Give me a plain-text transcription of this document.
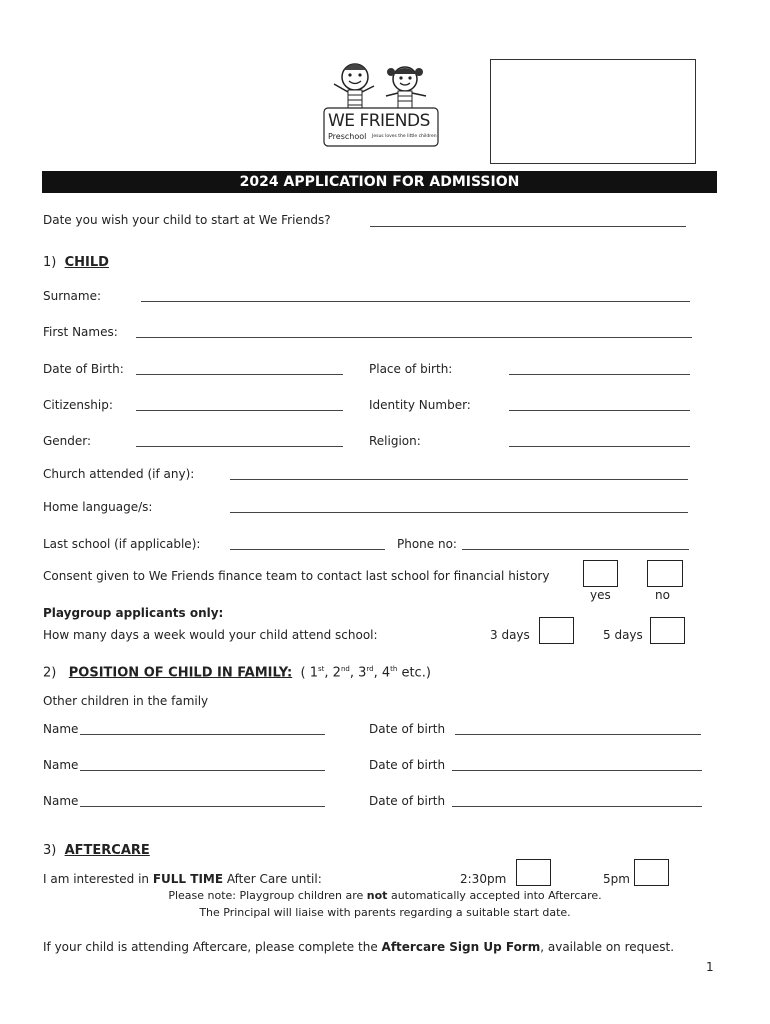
WE FRIENDS
Preschool Jesus loves the little children
2024 APPLICATION FOR ADMISSION
Date you wish your child to start at We Friends?
1) CHILD
Surname:
First Names:
Date of Birth:	Place of birth:
Citizenship:	Identity Number:
Gender:	Religion:
Church attended (if any):
Home language/s:
Last school (if applicable):	Phone no:
Consent given to We Friends finance team to contact last school for financial history
yes	no
Playgroup applicants only:
How many days a week would your child attend school:	3 days	5 days
2) POSITION OF CHILD IN FAMILY: ( 1st, 2nd, 3rd, 4th etc.)
Other children in the family
Name	Date of birth
Name	Date of birth
Name	Date of birth
3) AFTERCARE
I am interested in FULL TIME After Care until:	2:30pm	5pm
Please note: Playgroup children are not automatically accepted into Aftercare.
The Principal will liaise with parents regarding a suitable start date.
If your child is attending Aftercare, please complete the Aftercare Sign Up Form, available on request.
1
